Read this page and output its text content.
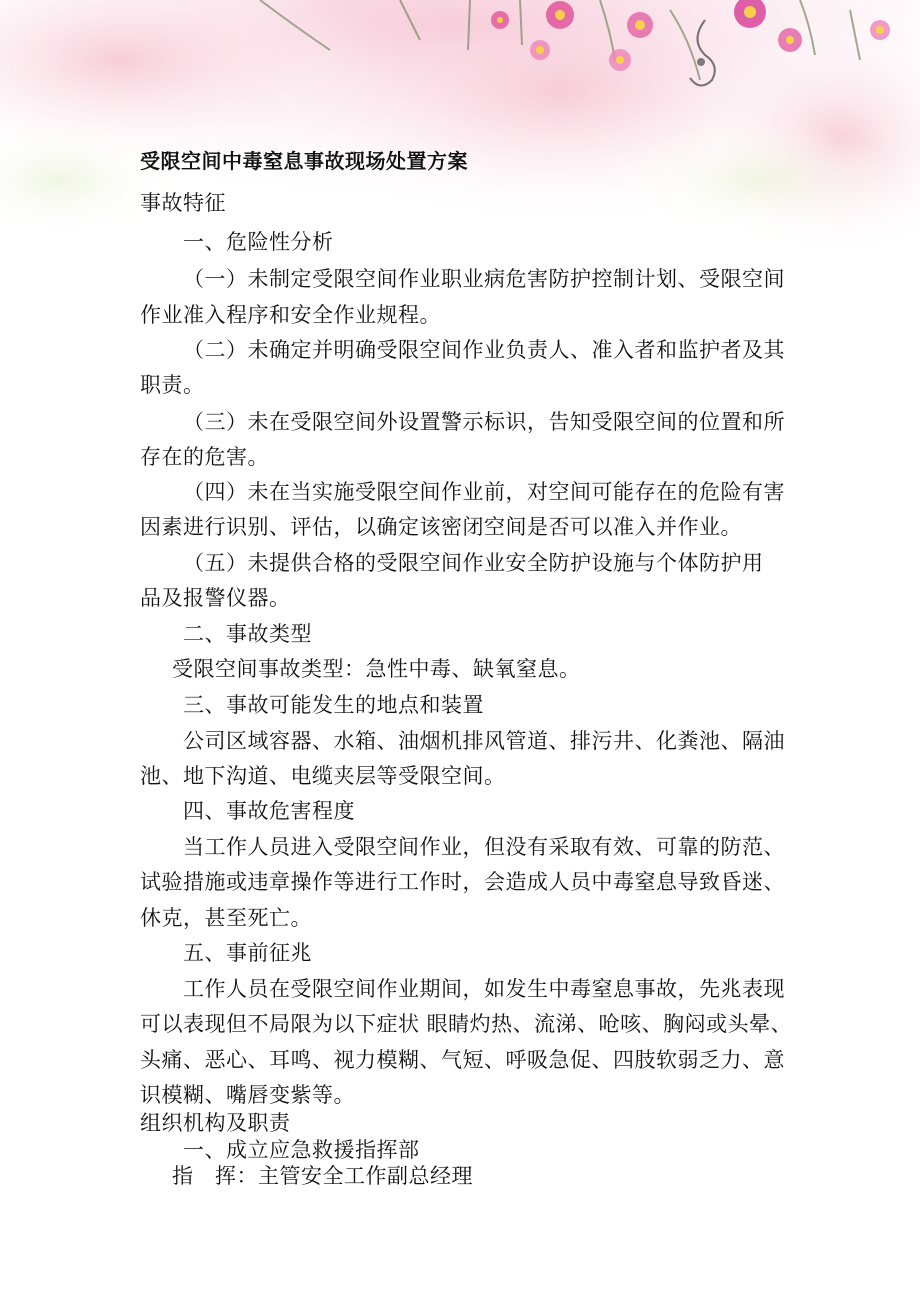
受限空间中毒窒息事故现场处置方案
事故特征
一、危险性分析
（一）未制定受限空间作业职业病危害防护控制计划、受限空间
作业准入程序和安全作业规程。
（二）未确定并明确受限空间作业负责人、准入者和监护者及其
职责。
（三）未在受限空间外设置警示标识，告知受限空间的位置和所
存在的危害。
（四）未在当实施受限空间作业前，对空间可能存在的危险有害
因素进行识别、评估，以确定该密闭空间是否可以准入并作业。
（五）未提供合格的受限空间作业安全防护设施与个体防护用
品及报警仪器。
二、事故类型
受限空间事故类型：急性中毒、缺氧窒息。
三、事故可能发生的地点和装置
公司区域容器、水箱、油烟机排风管道、排污井、化粪池、隔油
池、地下沟道、电缆夹层等受限空间。
四、事故危害程度
当工作人员进入受限空间作业，但没有采取有效、可靠的防范、
试验措施或违章操作等进行工作时，会造成人员中毒窒息导致昏迷、
休克，甚至死亡。
五、事前征兆
工作人员在受限空间作业期间，如发生中毒窒息事故，先兆表现
可以表现但不局限为以下症状 眼睛灼热、流涕、呛咳、胸闷或头晕、
头痛、恶心、耳鸣、视力模糊、气短、呼吸急促、四肢软弱乏力、意
识模糊、嘴唇变紫等。
组织机构及职责
一、成立应急救援指挥部
指　挥：主管安全工作副总经理
